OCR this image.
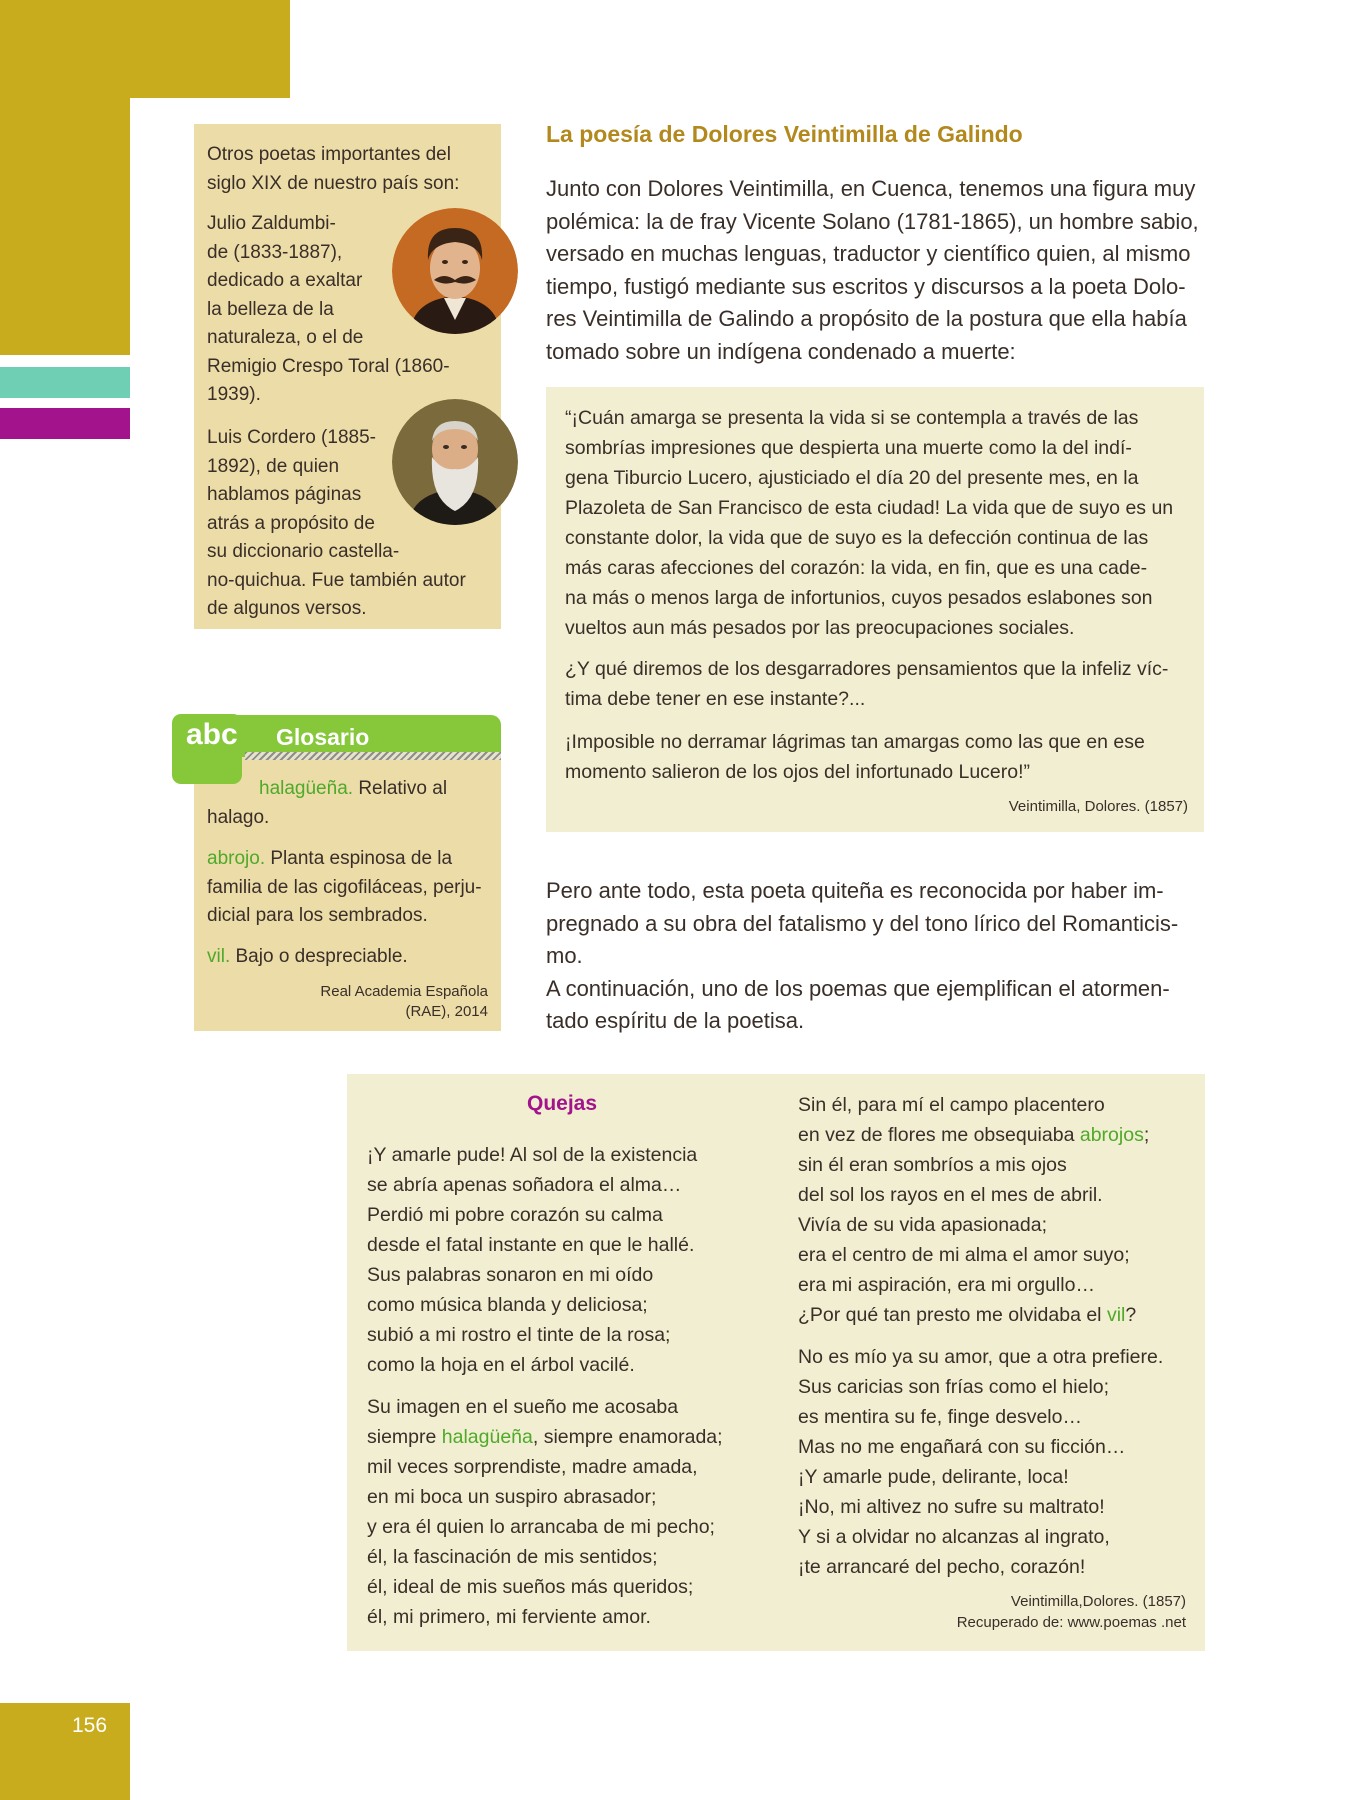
156
Otros poetas importantes del
siglo XIX de nuestro país son:
Julio Zaldumbi-
de (1833-1887),
dedicado a exaltar
la belleza de la
naturaleza, o el de
Remigio Crespo Toral (1860-
1939).
Luis Cordero (1885-
1892), de quien
hablamos páginas
atrás a propósito de
su diccionario castella-
no-quichua. Fue también autor
de algunos versos.
abc Glosario
halagüeña. Relativo al
halago.
abrojo. Planta espinosa de la
familia de las cigofiláceas, perju-
dicial para los sembrados.
vil. Bajo o despreciable.
Real Academia Española
(RAE), 2014
La poesía de Dolores Veintimilla de Galindo
Junto con Dolores Veintimilla, en Cuenca, tenemos una figura muy
polémica: la de fray Vicente Solano (1781-1865), un hombre sabio,
versado en muchas lenguas, traductor y científico quien, al mismo
tiempo, fustigó mediante sus escritos y discursos a la poeta Dolo-
res Veintimilla de Galindo a propósito de la postura que ella había
tomado sobre un indígena condenado a muerte:
“¡Cuán amarga se presenta la vida si se contempla a través de las
sombrías impresiones que despierta una muerte como la del indí-
gena Tiburcio Lucero, ajusticiado el día 20 del presente mes, en la
Plazoleta de San Francisco de esta ciudad! La vida que de suyo es un
constante dolor, la vida que de suyo es la defección continua de las
más caras afecciones del corazón: la vida, en fin, que es una cade-
na más o menos larga de infortunios, cuyos pesados eslabones son
vueltos aun más pesados por las preocupaciones sociales.
¿Y qué diremos de los desgarradores pensamientos que la infeliz víc-
tima debe tener en ese instante?...
¡Imposible no derramar lágrimas tan amargas como las que en ese
momento salieron de los ojos del infortunado Lucero!”
Veintimilla, Dolores. (1857)
Pero ante todo, esta poeta quiteña es reconocida por haber im-
pregnado a su obra del fatalismo y del tono lírico del Romanticis-
mo.
A continuación, uno de los poemas que ejemplifican el atormen-
tado espíritu de la poetisa.
Quejas
¡Y amarle pude! Al sol de la existencia
se abría apenas soñadora el alma…
Perdió mi pobre corazón su calma
desde el fatal instante en que le hallé.
Sus palabras sonaron en mi oído
como música blanda y deliciosa;
subió a mi rostro el tinte de la rosa;
como la hoja en el árbol vacilé.
Su imagen en el sueño me acosaba
siempre halagüeña, siempre enamorada;
mil veces sorprendiste, madre amada,
en mi boca un suspiro abrasador;
y era él quien lo arrancaba de mi pecho;
él, la fascinación de mis sentidos;
él, ideal de mis sueños más queridos;
él, mi primero, mi ferviente amor.
Sin él, para mí el campo placentero
en vez de flores me obsequiaba abrojos;
sin él eran sombríos a mis ojos
del sol los rayos en el mes de abril.
Vivía de su vida apasionada;
era el centro de mi alma el amor suyo;
era mi aspiración, era mi orgullo…
¿Por qué tan presto me olvidaba el vil?
No es mío ya su amor, que a otra prefiere.
Sus caricias son frías como el hielo;
es mentira su fe, finge desvelo…
Mas no me engañará con su ficción…
¡Y amarle pude, delirante, loca!
¡No, mi altivez no sufre su maltrato!
Y si a olvidar no alcanzas al ingrato,
¡te arrancaré del pecho, corazón!
Veintimilla,Dolores. (1857)
Recuperado de: www.poemas .net
